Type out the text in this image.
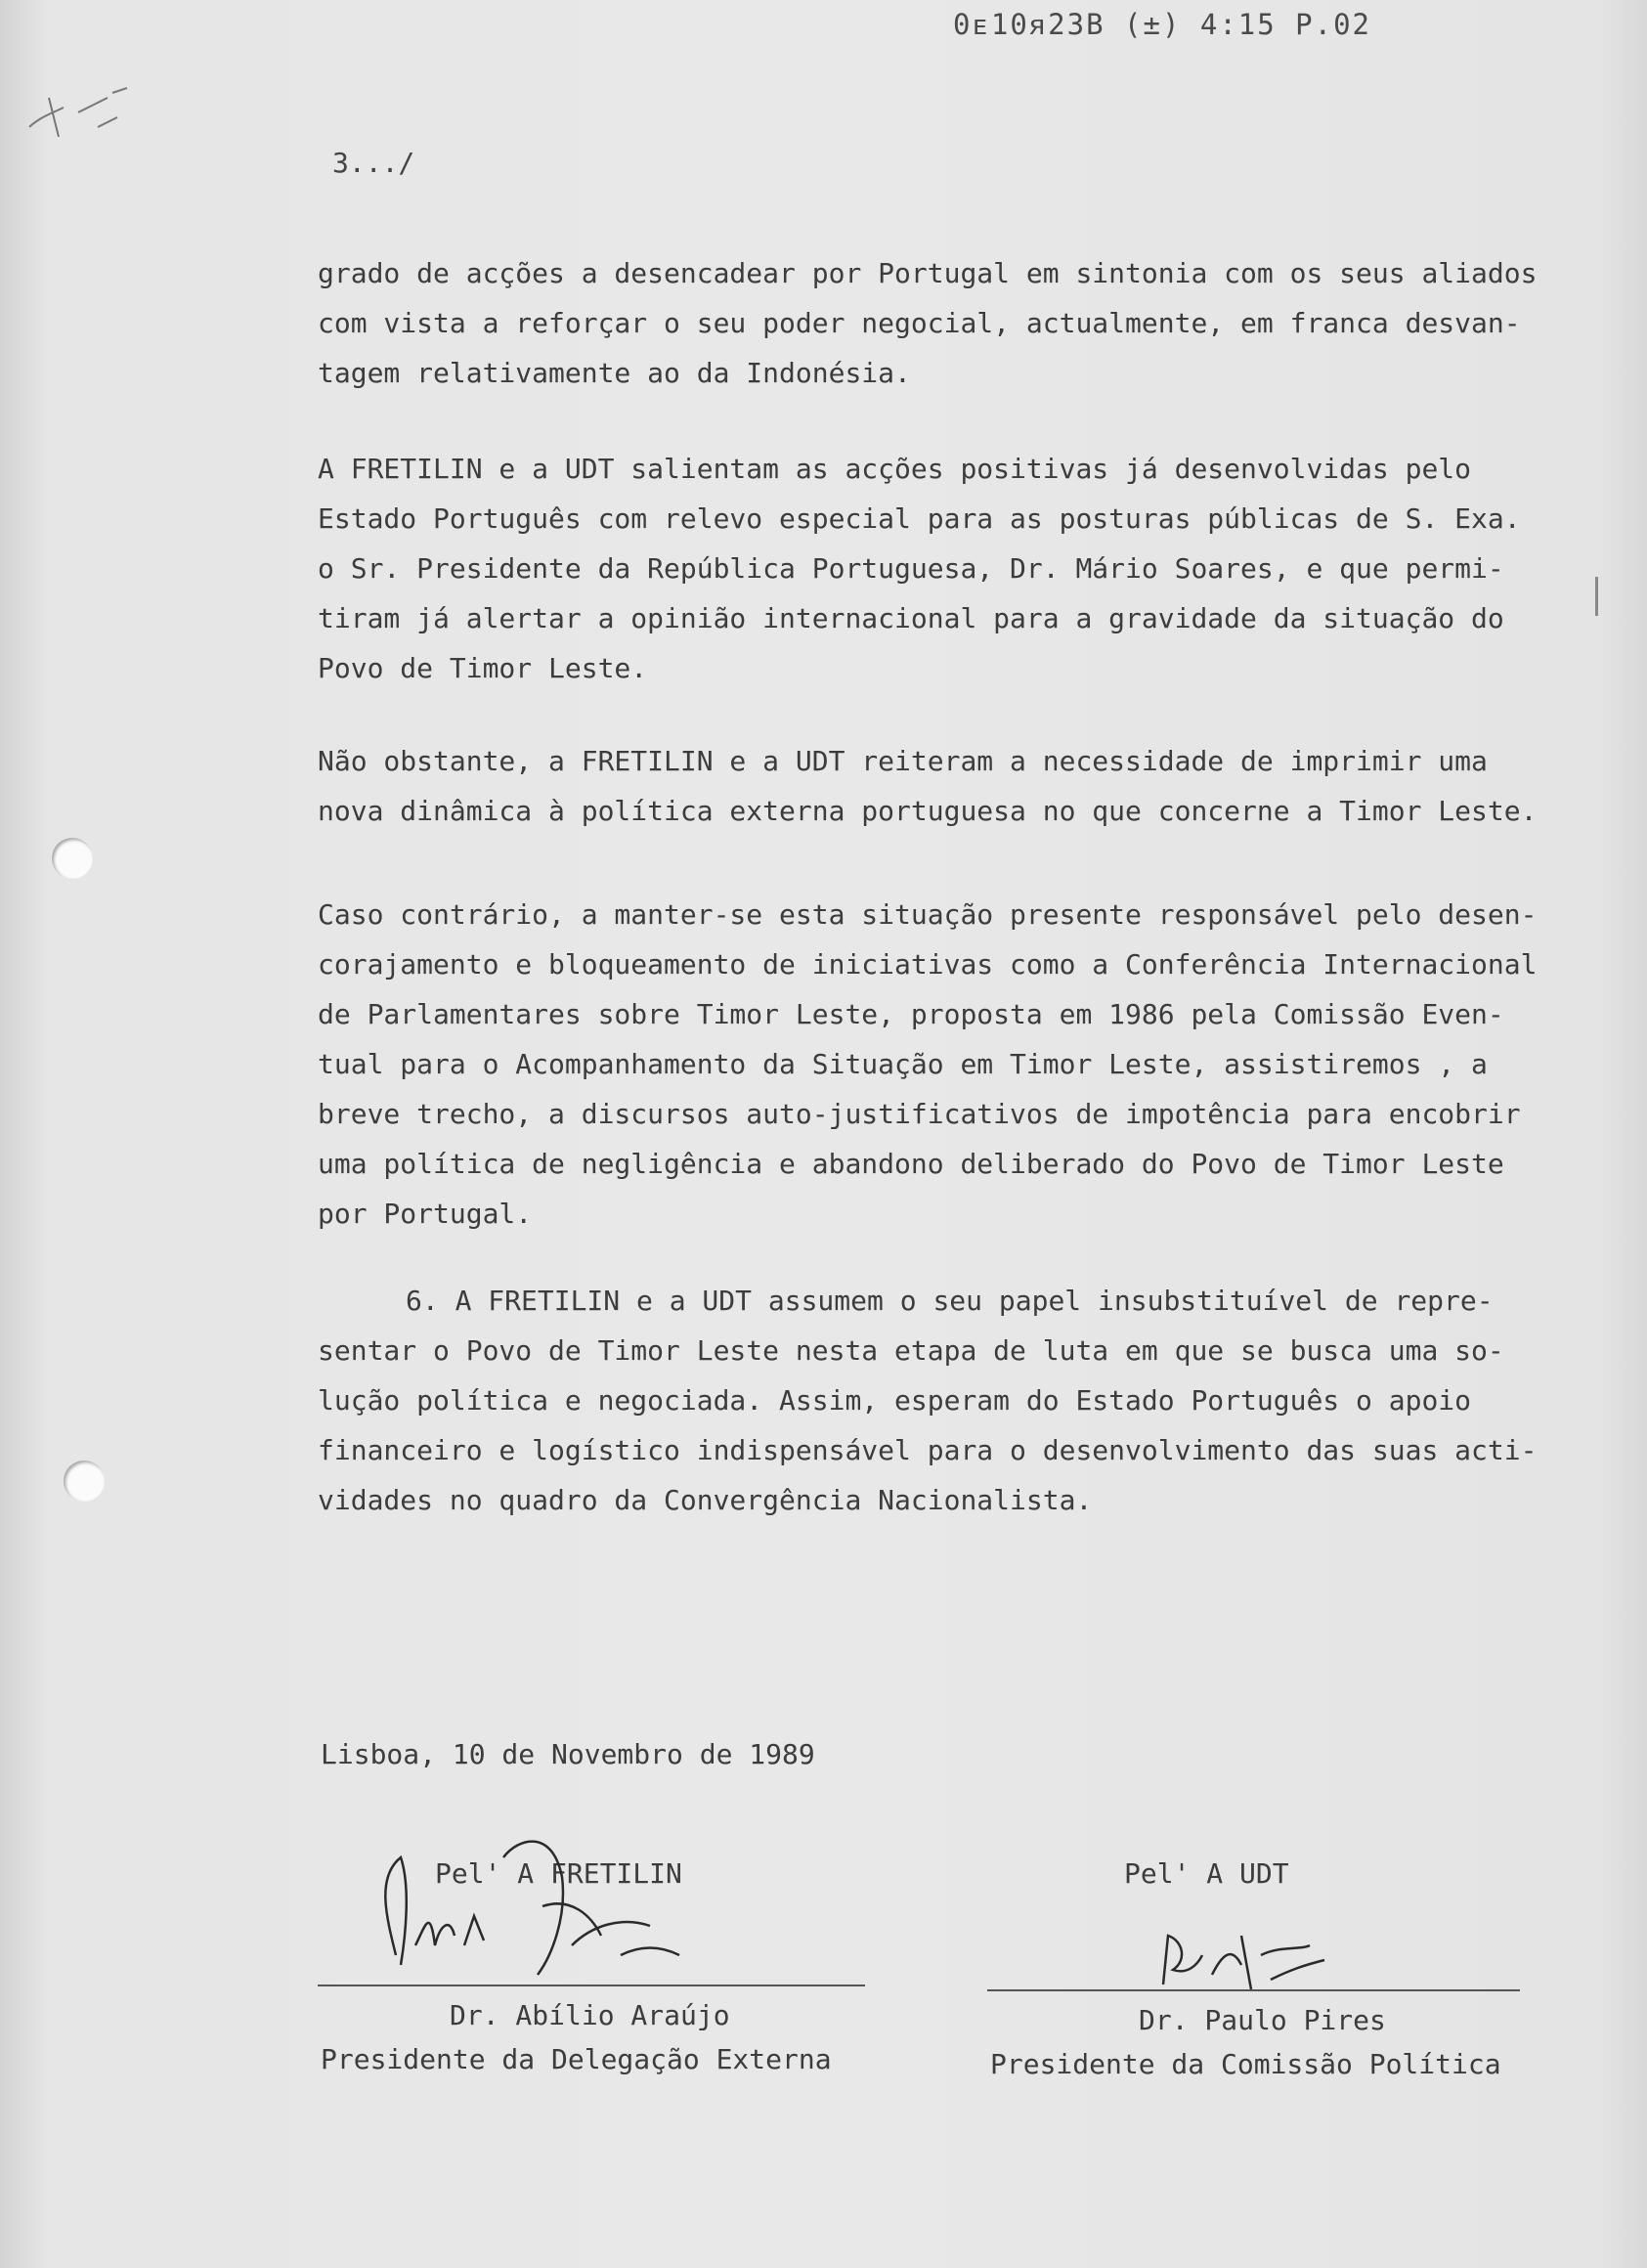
0ᴇ10ᴙ23B (±) 4:15 P.02
3.../
grado de acções a desencadear por Portugal em sintonia com os seus aliados
com vista a reforçar o seu poder negocial, actualmente, em franca desvan-
tagem relativamente ao da Indonésia.
A FRETILIN e a UDT salientam as acções positivas já desenvolvidas pelo
Estado Português com relevo especial para as posturas públicas de S. Exa.
o Sr. Presidente da República Portuguesa, Dr. Mário Soares, e que permi-
tiram já alertar a opinião internacional para a gravidade da situação do
Povo de Timor Leste.
Não obstante, a FRETILIN e a UDT reiteram a necessidade de imprimir uma
nova dinâmica à política externa portuguesa no que concerne a Timor Leste.
Caso contrário, a manter-se esta situação presente responsável pelo desen-
corajamento e bloqueamento de iniciativas como a Conferência Internacional
de Parlamentares sobre Timor Leste, proposta em 1986 pela Comissão Even-
tual para o Acompanhamento da Situação em Timor Leste, assistiremos , a
breve trecho, a discursos auto-justificativos de impotência para encobrir
uma política de negligência e abandono deliberado do Povo de Timor Leste
por Portugal.
6. A FRETILIN e a UDT assumem o seu papel insubstituível de repre-
sentar o Povo de Timor Leste nesta etapa de luta em que se busca uma so-
lução política e negociada. Assim, esperam do Estado Português o apoio
financeiro e logístico indispensável para o desenvolvimento das suas acti-
vidades no quadro da Convergência Nacionalista.
Lisboa, 10 de Novembro de 1989
Pel' A FRETILIN
Dr. Abílio Araújo
Presidente da Delegação Externa
Pel' A UDT
Dr. Paulo Pires
Presidente da Comissão Política
